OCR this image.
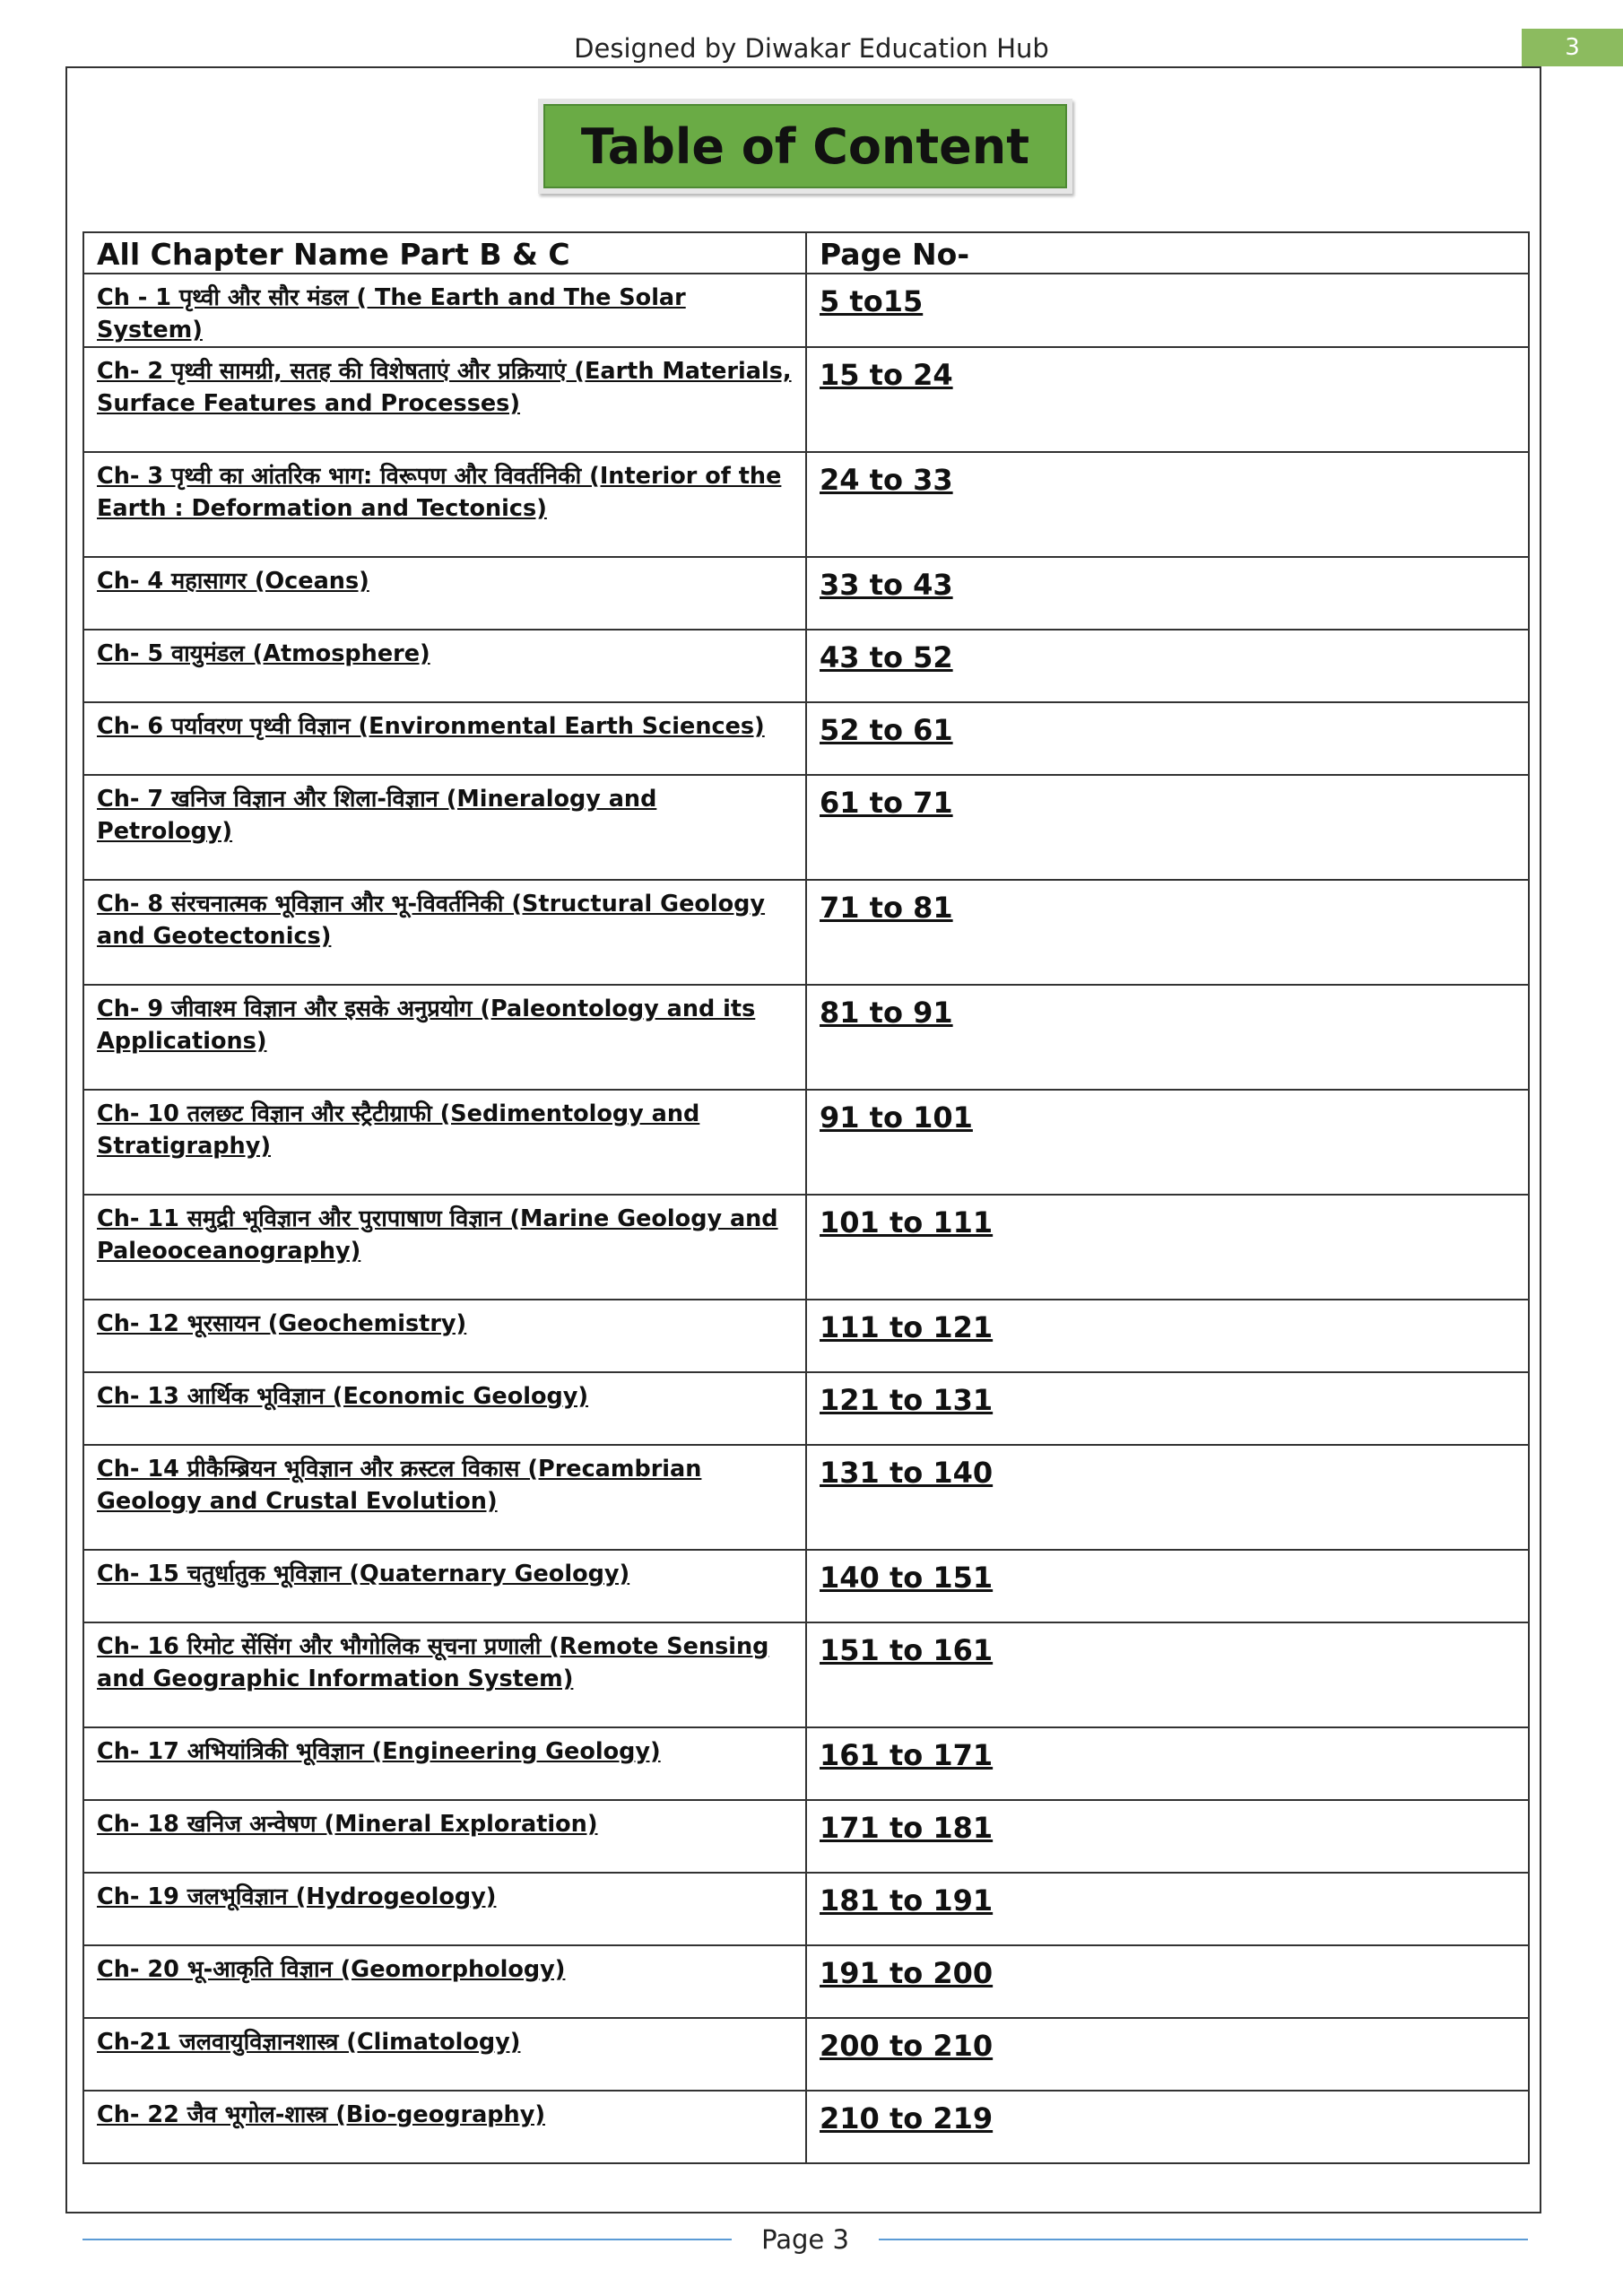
Designed by Diwakar Education Hub	3
Table of Content
All Chapter Name Part B & C	Page No-
Ch - 1 पृथ्वी और सौर मंडल ( The Earth and The Solar System)	5 to15
Ch- 2 पृथ्वी सामग्री, सतह की विशेषताएं और प्रक्रियाएं (Earth Materials, Surface Features and Processes)	15 to 24
Ch- 3 पृथ्वी का आंतरिक भाग: विरूपण और विवर्तनिकी (Interior of the Earth : Deformation and Tectonics)	24 to 33
Ch- 4 महासागर (Oceans)	33 to 43
Ch- 5 वायुमंडल (Atmosphere)	43 to 52
Ch- 6 पर्यावरण पृथ्वी विज्ञान (Environmental Earth Sciences)	52 to 61
Ch- 7 खनिज विज्ञान और शिला-विज्ञान (Mineralogy and Petrology)	61 to 71
Ch- 8 संरचनात्मक भूविज्ञान और भू-विवर्तनिकी (Structural Geology and Geotectonics)	71 to 81
Ch- 9 जीवाश्म विज्ञान और इसके अनुप्रयोग (Paleontology and its Applications)	81 to 91
Ch- 10 तलछट विज्ञान और स्ट्रैटीग्राफी (Sedimentology and Stratigraphy)	91 to 101
Ch- 11 समुद्री भूविज्ञान और पुरापाषाण विज्ञान (Marine Geology and Paleooceanography)	101 to 111
Ch- 12 भूरसायन (Geochemistry)	111 to 121
Ch- 13 आर्थिक भूविज्ञान (Economic Geology)	121 to 131
Ch- 14 प्रीकैम्ब्रियन भूविज्ञान और क्रस्टल विकास (Precambrian Geology and Crustal Evolution)	131 to 140
Ch- 15 चतुर्धातुक भूविज्ञान (Quaternary Geology)	140 to 151
Ch- 16 रिमोट सेंसिंग और भौगोलिक सूचना प्रणाली (Remote Sensing and Geographic Information System)	151 to 161
Ch- 17 अभियांत्रिकी भूविज्ञान (Engineering Geology)	161 to 171
Ch- 18 खनिज अन्वेषण (Mineral Exploration)	171 to 181
Ch- 19 जलभूविज्ञान (Hydrogeology)	181 to 191
Ch- 20 भू-आकृति विज्ञान (Geomorphology)	191 to 200
Ch-21 जलवायुविज्ञानशास्त्र (Climatology)	200 to 210
Ch- 22 जैव भूगोल-शास्त्र (Bio-geography)	210 to 219
Page 3
